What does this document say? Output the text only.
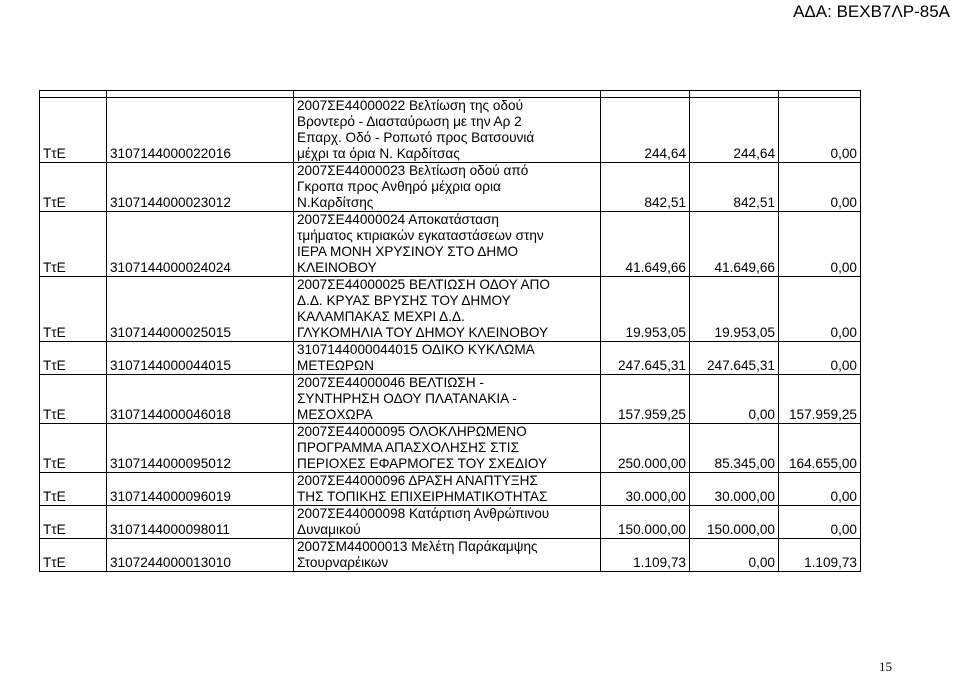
ΑΔΑ: ΒΕΧΒ7ΛΡ-85Α

ΤτΕ	3107144000022016	2007ΣΕ44000022 Βελτίωση της οδού
Βροντερό - Διασταύρωση με την Αρ 2
Επαρχ. Οδό - Ροπωτό προς Βατσουνιά
μέχρι τα όρια Ν. Καρδίτσας	244,64	244,64	0,00
ΤτΕ	3107144000023012	2007ΣΕ44000023 Βελτίωση οδού από
Γκροπα προς Ανθηρό μέχρια ορια
Ν.Καρδίτσης	842,51	842,51	0,00
ΤτΕ	3107144000024024	2007ΣΕ44000024 Αποκατάσταση
τμήματος κτιριακών εγκαταστάσεων στην
ΙΕΡΑ ΜΟΝΗ ΧΡΥΣΙΝΟΥ ΣΤΟ ΔΗΜΟ
ΚΛΕΙΝΟΒΟΥ	41.649,66	41.649,66	0,00
ΤτΕ	3107144000025015	2007ΣΕ44000025 ΒΕΛΤΙΩΣΗ ΟΔΟΥ ΑΠΟ
Δ.Δ. ΚΡΥΑΣ ΒΡΥΣΗΣ ΤΟΥ ΔΗΜΟΥ
ΚΑΛΑΜΠΑΚΑΣ ΜΕΧΡΙ Δ.Δ.
ΓΛΥΚΟΜΗΛΙΑ ΤΟΥ ΔΗΜΟΥ ΚΛΕΙΝΟΒΟΥ	19.953,05	19.953,05	0,00
ΤτΕ	3107144000044015	3107144000044015 ΟΔΙΚΟ ΚΥΚΛΩΜΑ
ΜΕΤΕΩΡΩΝ	247.645,31	247.645,31	0,00
ΤτΕ	3107144000046018	2007ΣΕ44000046 ΒΕΛΤΙΩΣΗ -
ΣΥΝΤΗΡΗΣΗ ΟΔΟΥ ΠΛΑΤΑΝΑΚΙΑ -
ΜΕΣΟΧΩΡΑ	157.959,25	0,00	157.959,25
ΤτΕ	3107144000095012	2007ΣΕ44000095 ΟΛΟΚΛΗΡΩΜΕΝΟ
ΠΡΟΓΡΑΜΜΑ ΑΠΑΣΧΟΛΗΣΗΣ ΣΤΙΣ
ΠΕΡΙΟΧΕΣ ΕΦΑΡΜΟΓΕΣ ΤΟΥ ΣΧΕΔΙΟΥ	250.000,00	85.345,00	164.655,00
ΤτΕ	3107144000096019	2007ΣΕ44000096 ΔΡΑΣΗ ΑΝΑΠΤΥΞΗΣ
ΤΗΣ ΤΟΠΙΚΗΣ ΕΠΙΧΕΙΡΗΜΑΤΙΚΟΤΗΤΑΣ	30.000,00	30.000,00	0,00
ΤτΕ	3107144000098011	2007ΣΕ44000098 Κατάρτιση Ανθρώπινου
Δυναμικού	150.000,00	150.000,00	0,00
ΤτΕ	3107244000013010	2007ΣΜ44000013 Μελέτη Παράκαμψης
Στουρναρέικων	1.109,73	0,00	1.109,73
15
